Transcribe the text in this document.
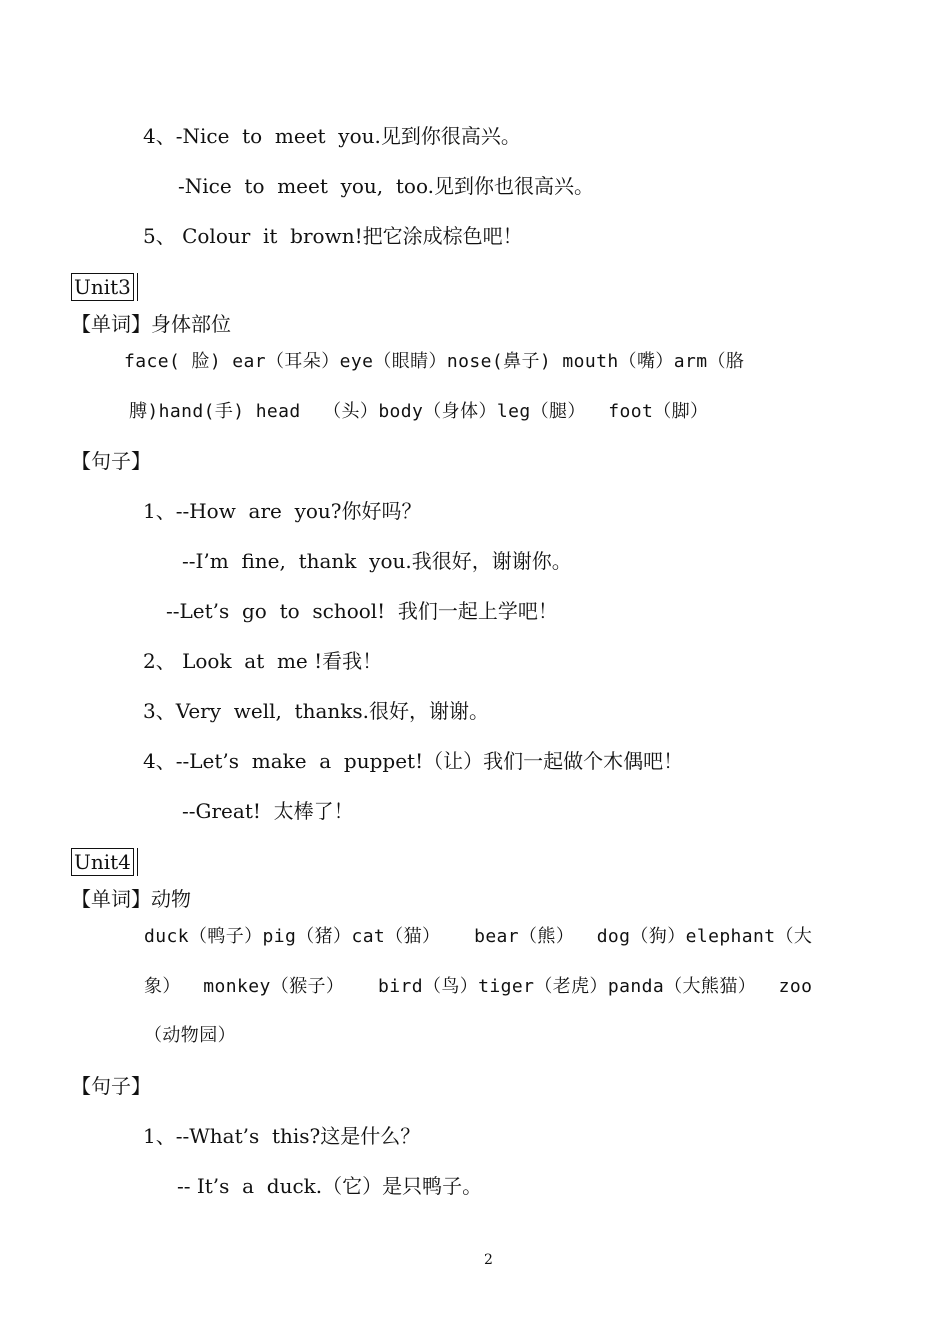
4、-Nice  to  meet  you.见到你很高兴。
-Nice  to  meet  you,  too.见到你也很高兴。
5、 Colour  it  brown!把它涂成棕色吧！
Unit3
【单词】身体部位
face( 脸) ear（耳朵）eye（眼睛）nose(鼻子) mouth（嘴）arm（胳
膊)hand(手) head  （头）body（身体）leg（腿）  foot（脚）
【句子】
1、--How  are  you?你好吗？
--I’m  fine,  thank  you.我很好，谢谢你。
--Let’s  go  to  school!  我们一起上学吧！
2、 Look  at  me !看我！
3、Very  well,  thanks.很好，谢谢。
4、--Let’s  make  a  puppet!（让）我们一起做个木偶吧！
--Great!  太棒了！
Unit4
【单词】动物
duck（鸭子）pig（猪）cat（猫）   bear（熊）  dog（狗）elephant（大
象）  monkey（猴子）   bird（鸟）tiger（老虎）panda（大熊猫）  zoo
（动物园）
【句子】
1、--What’s  this?这是什么？
-- It’s  a  duck.（它）是只鸭子。
2
